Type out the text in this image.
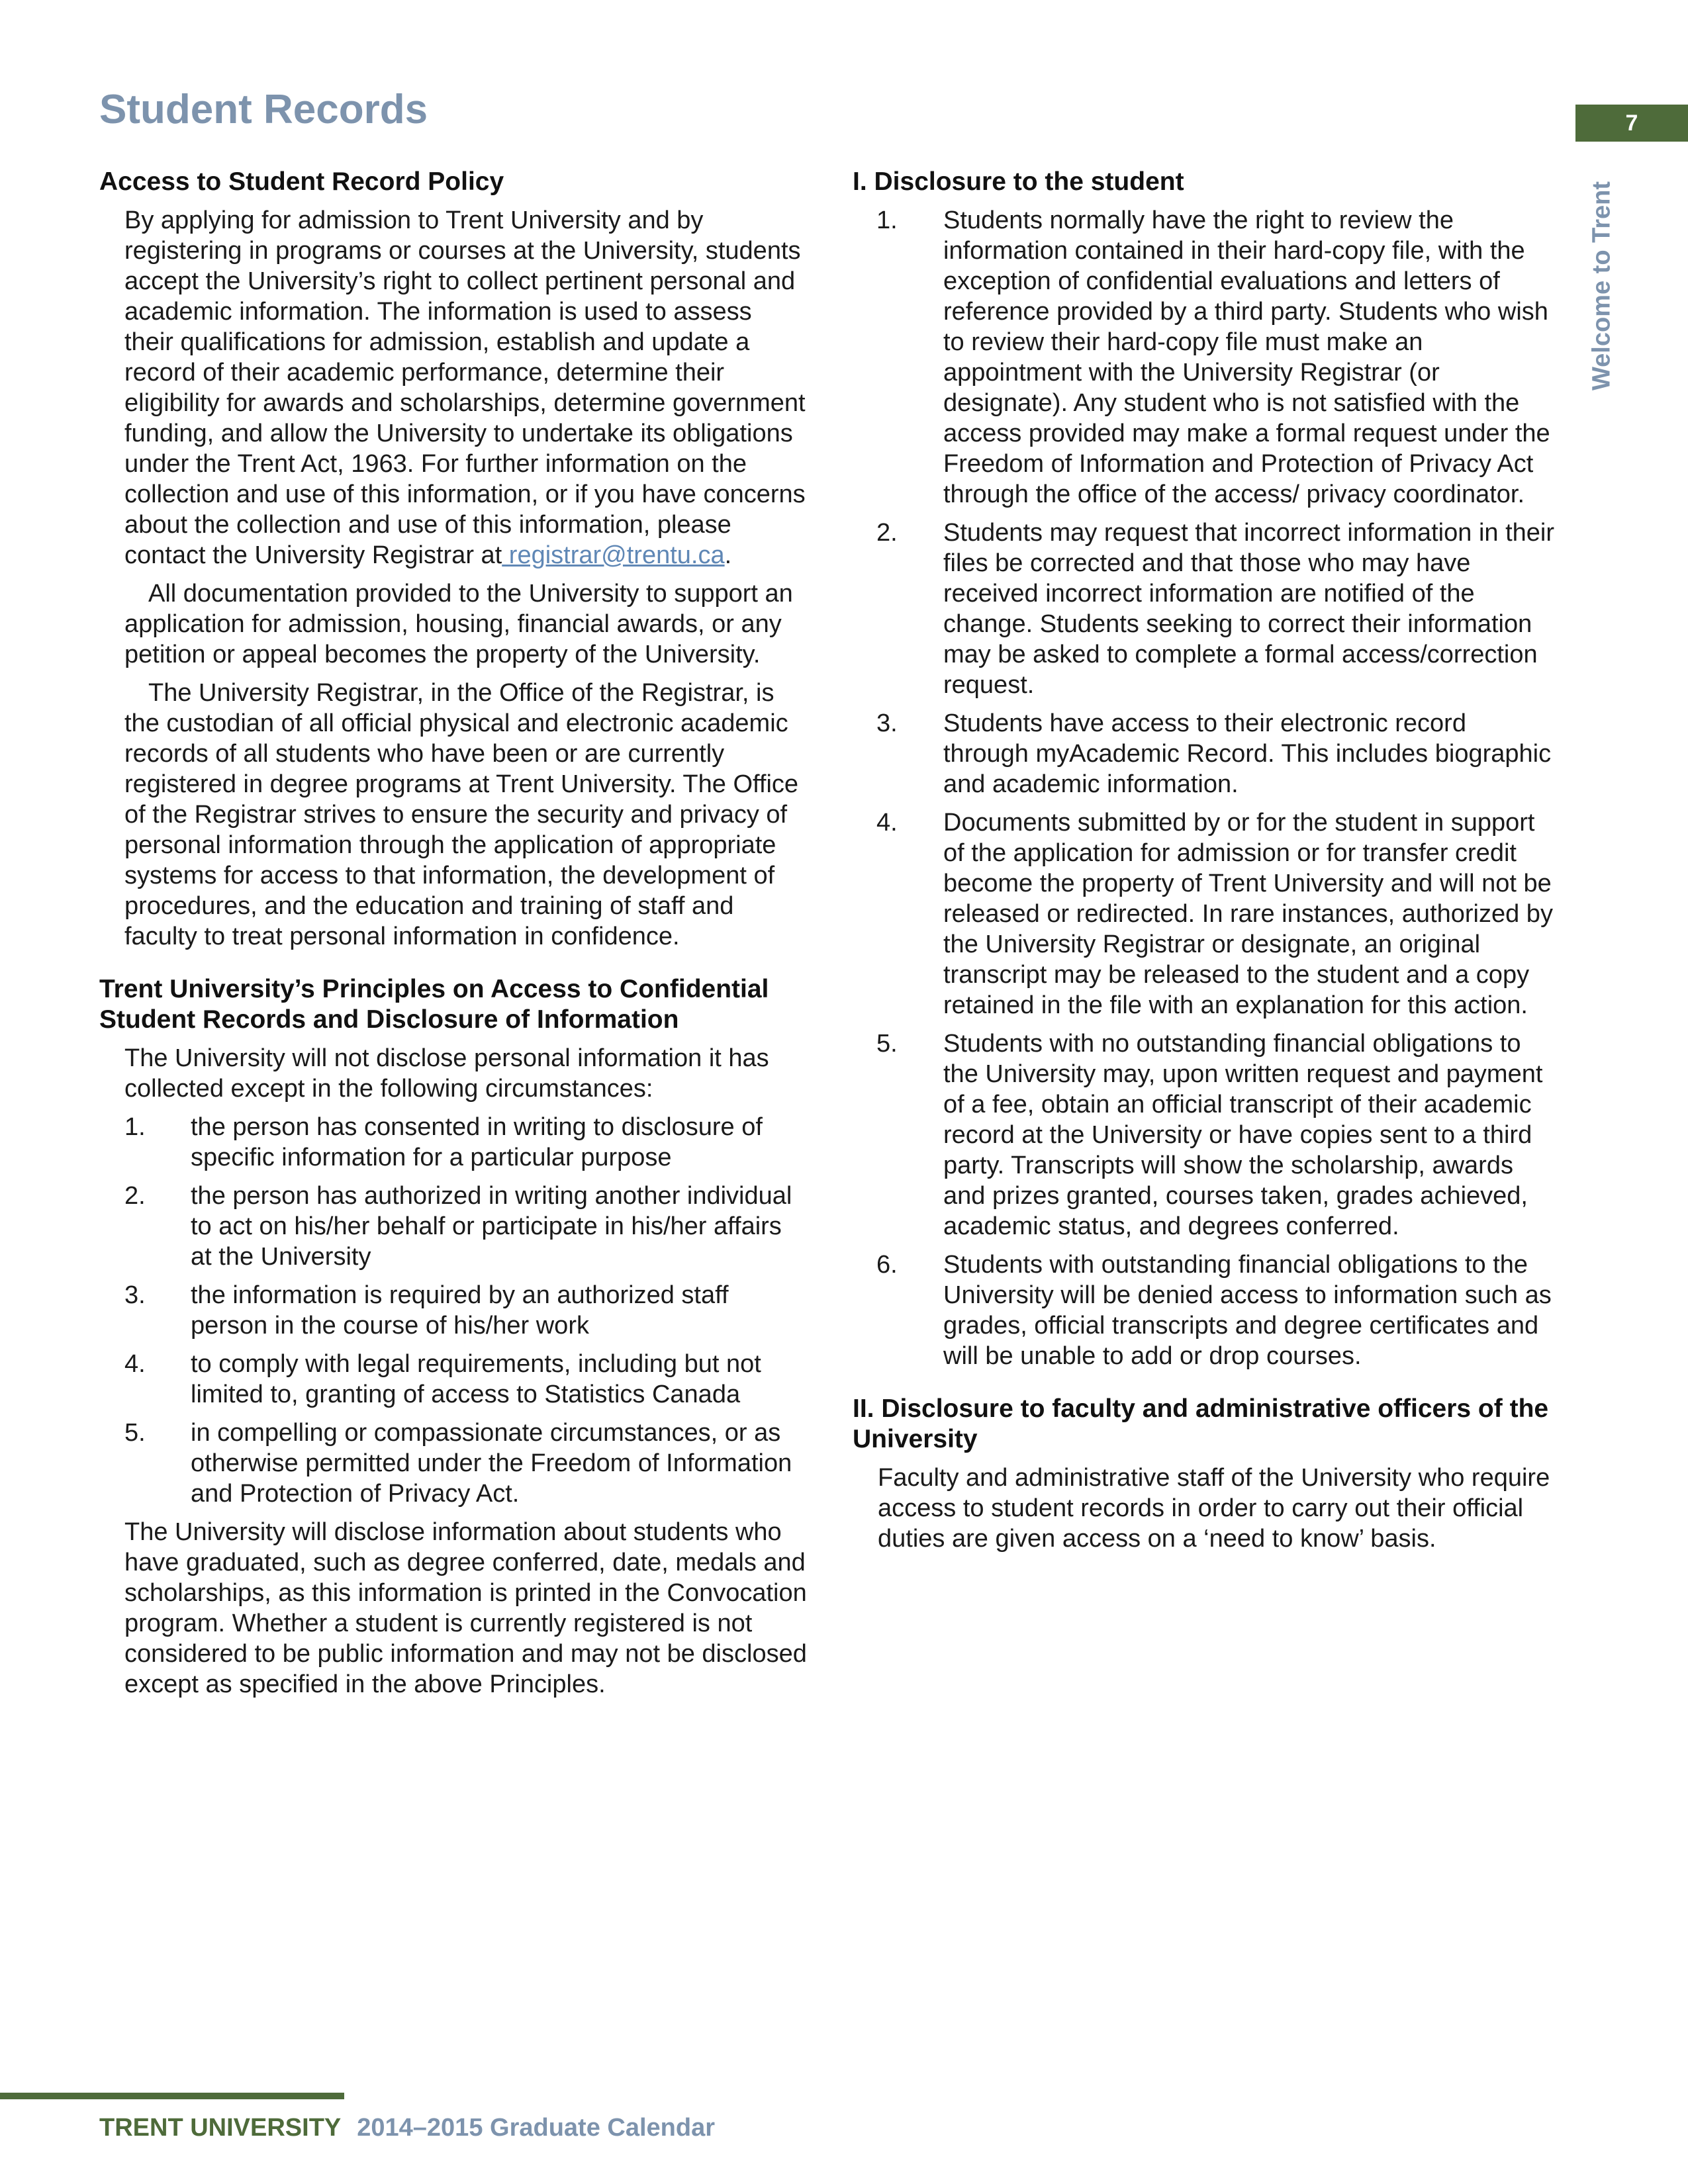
Student Records	7
Welcome to Trent
Access to Student Record Policy

By applying for admission to Trent University and by registering in programs or courses at the University, students accept the University’s right to collect pertinent personal and academic information. The information is used to assess their qualifications for admission, establish and update a record of their academic performance, determine their eligibility for awards and scholarships, determine government funding, and allow the University to undertake its obligations under the Trent Act, 1963. For further information on the collection and use of this information, or if you have concerns about the collection and use of this information, please contact the University Registrar at registrar@trentu.ca.

All documentation provided to the University to support an application for admission, housing, financial awards, or any petition or appeal becomes the property of the University.

The University Registrar, in the Office of the Registrar, is the custodian of all official physical and electronic academic records of all students who have been or are currently registered in degree programs at Trent University. The Office of the Registrar strives to ensure the security and privacy of personal information through the application of appropriate systems for access to that information, the development of procedures, and the education and training of staff and faculty to treat personal information in confidence.

Trent University’s Principles on Access to Confidential Student Records and Disclosure of Information

The University will not disclose personal information it has collected except in the following circumstances:

1. the person has consented in writing to disclosure of specific information for a particular purpose
2. the person has authorized in writing another individual to act on his/her behalf or participate in his/her affairs at the University
3. the information is required by an authorized staff person in the course of his/her work
4. to comply with legal requirements, including but not limited to, granting of access to Statistics Canada
5. in compelling or compassionate circumstances, or as otherwise permitted under the Freedom of Information and Protection of Privacy Act.

The University will disclose information about students who have graduated, such as degree conferred, date, medals and scholarships, as this information is printed in the Convocation program. Whether a student is currently registered is not considered to be public information and may not be disclosed except as specified in the above Principles.

I. Disclosure to the student
1. Students normally have the right to review the information contained in their hard-copy file, with the exception of confidential evaluations and letters of reference provided by a third party. Students who wish to review their hard-copy file must make an appointment with the University Registrar (or designate). Any student who is not satisfied with the access provided may make a formal request under the Freedom of Information and Protection of Privacy Act through the office of the access/ privacy coordinator.
2. Students may request that incorrect information in their files be corrected and that those who may have received incorrect information are notified of the change. Students seeking to correct their information may be asked to complete a formal access/correction request.
3. Students have access to their electronic record through myAcademic Record. This includes biographic and academic information.
4. Documents submitted by or for the student in support of the application for admission or for transfer credit become the property of Trent University and will not be released or redirected. In rare instances, authorized by the University Registrar or designate, an original transcript may be released to the student and a copy retained in the file with an explanation for this action.
5. Students with no outstanding financial obligations to the University may, upon written request and payment of a fee, obtain an official transcript of their academic record at the University or have copies sent to a third party. Transcripts will show the scholarship, awards and prizes granted, courses taken, grades achieved, academic status, and degrees conferred.
6. Students with outstanding financial obligations to the University will be denied access to information such as grades, official transcripts and degree certificates and will be unable to add or drop courses.
II. Disclosure to faculty and administrative officers of the University

Faculty and administrative staff of the University who require access to student records in order to carry out their official duties are given access on a ‘need to know’ basis.

TRENT UNIVERSITY 2014–2015 Graduate Calendar
